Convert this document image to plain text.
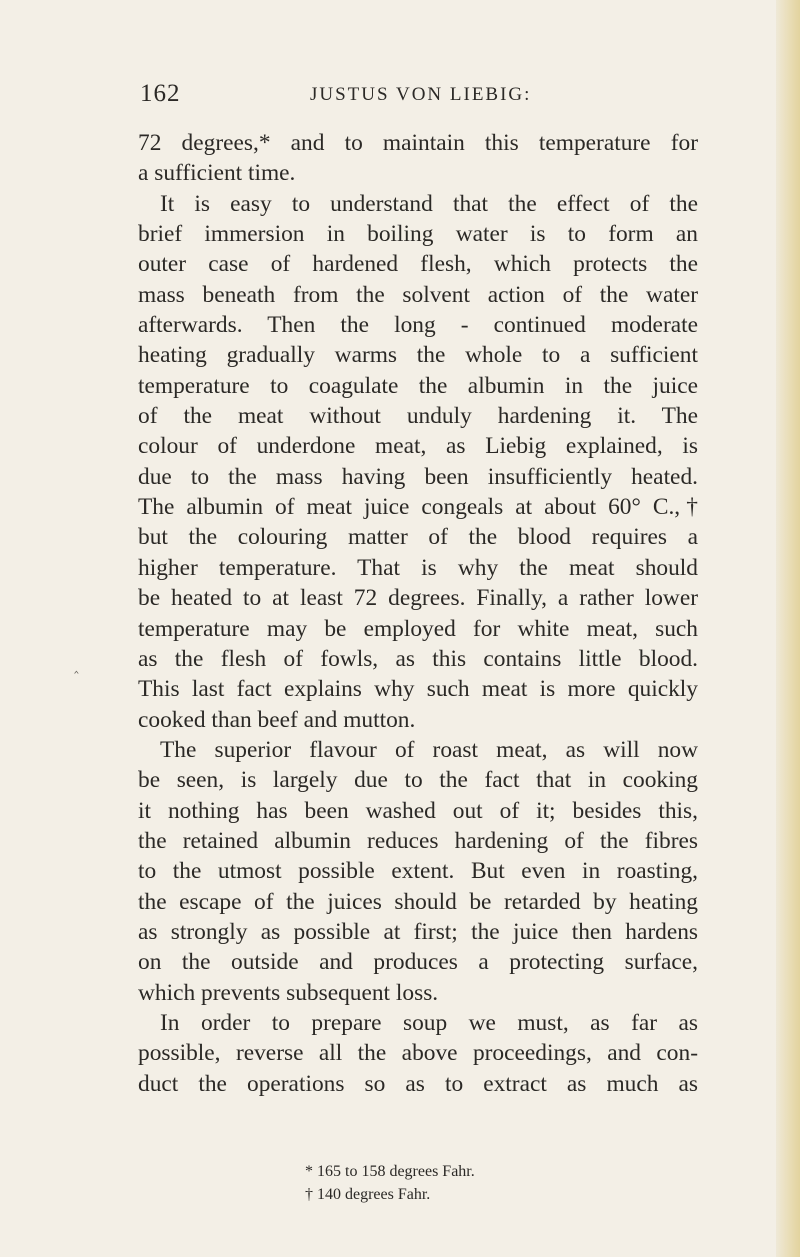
162	JUSTUS VON LIEBIG:
‸
72 degrees,* and to maintain this temperature for
a sufficient time.
It is easy to understand that the effect of the
brief immersion in boiling water is to form an
outer case of hardened flesh, which protects the
mass beneath from the solvent action of the water
afterwards. Then the long - continued moderate
heating gradually warms the whole to a sufficient
temperature to coagulate the albumin in the juice
of the meat without unduly hardening it. The
colour of underdone meat, as Liebig explained, is
due to the mass having been insufficiently heated.
The albumin of meat juice congeals at about 60° C.,†
but the colouring matter of the blood requires a
higher temperature. That is why the meat should
be heated to at least 72 degrees. Finally, a rather lower
temperature may be employed for white meat, such
as the flesh of fowls, as this contains little blood.
This last fact explains why such meat is more quickly
cooked than beef and mutton.
The superior flavour of roast meat, as will now
be seen, is largely due to the fact that in cooking
it nothing has been washed out of it; besides this,
the retained albumin reduces hardening of the fibres
to the utmost possible extent. But even in roasting,
the escape of the juices should be retarded by heating
as strongly as possible at first; the juice then hardens
on the outside and produces a protecting surface,
which prevents subsequent loss.
In order to prepare soup we must, as far as
possible, reverse all the above proceedings, and con-
duct the operations so as to extract as much as
* 165 to 158 degrees Fahr.
† 140 degrees Fahr.
